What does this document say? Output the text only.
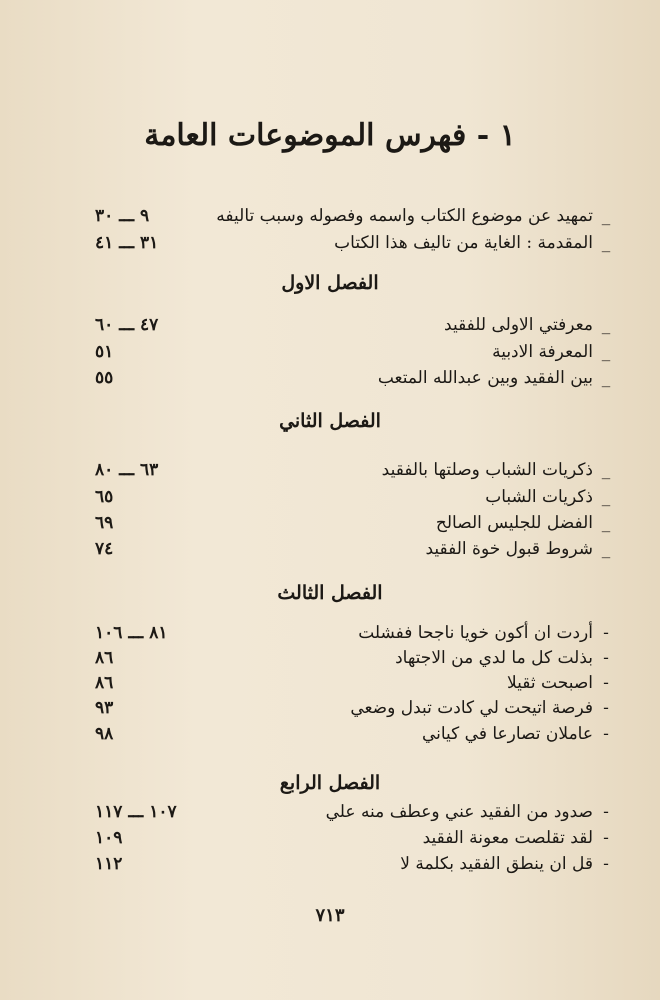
١ - فهرس الموضوعات العامة
_
تمهيد عن موضوع الكتاب واسمه وفصوله وسبب تاليفه
٩ ـــ ٣٠
_
المقدمة : الغاية من تاليف هذا الكتاب
٣١ ـــ ٤١
الفصل الاول
_
معرفتي الاولى للفقيد
٤٧ ـــ ٦٠
_
المعرفة الادبية
٥١
_
بين الفقيد وبين عبدالله المتعب
٥٥
الفصل الثاني
_
ذكريات الشباب وصلتها بالفقيد
٦٣ ـــ ٨٠
_
ذكريات الشباب
٦٥
_
الفضل للجليس الصالح
٦٩
_
شروط قبول خوة الفقيد
٧٤
الفصل الثالث
-
أردت ان أكون خويا ناجحا ففشلت
٨١ ـــ ١٠٦
-
بذلت كل ما لدي من الاجتهاد
٨٦
-
اصبحت ثقيلا
٨٦
-
فرصة اتيحت لي كادت تبدل وضعي
٩٣
-
عاملان تصارعا في كياني
٩٨
الفصل الرابع
-
صدود من الفقيد عني وعطف منه علي
١٠٧ ـــ ١١٧
-
لقد تقلصت معونة الفقيد
١٠٩
-
قل ان ينطق الفقيد بكلمة لا
١١٢
٧١٣
